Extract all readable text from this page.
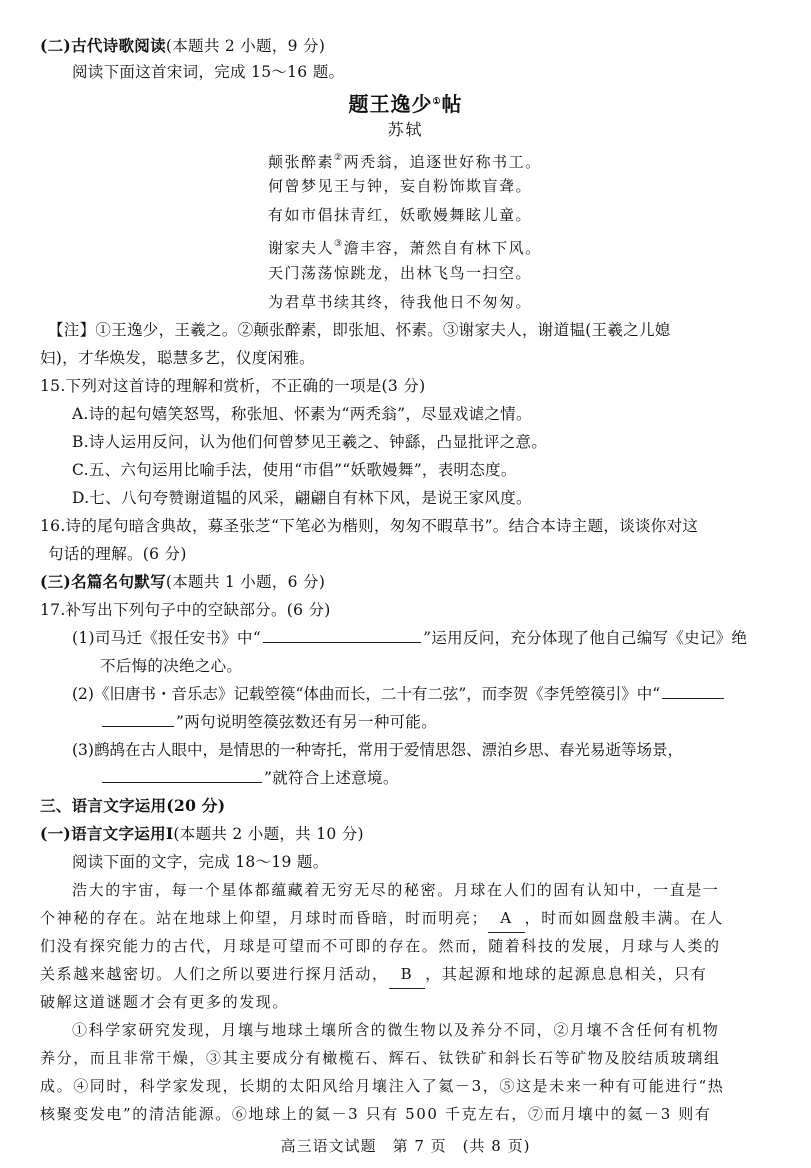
(二)古代诗歌阅读(本题共 2 小题，9 分)
阅读下面这首宋词，完成 15～16 题。
题王逸少①帖
苏轼
颠张醉素②两秃翁，追逐世好称书工。
何曾梦见王与钟，妄自粉饰欺盲聋。
有如市倡抹青红，妖歌嫚舞眩儿童。
谢家夫人③澹丰容，萧然自有林下风。
天门荡荡惊跳龙，出林飞鸟一扫空。
为君草书续其终，待我他日不匆匆。
【注】①王逸少，王羲之。②颠张醉素，即张旭、怀素。③谢家夫人，谢道韫(王羲之儿媳
妇)，才华焕发，聪慧多艺，仪度闲雅。
15.下列对这首诗的理解和赏析，不正确的一项是(3 分)
A.诗的起句嬉笑怒骂，称张旭、怀素为“两秃翁”，尽显戏谑之情。
B.诗人运用反问，认为他们何曾梦见王羲之、钟繇，凸显批评之意。
C.五、六句运用比喻手法，使用“市倡”“妖歌嫚舞”，表明态度。
D.七、八句夸赞谢道韫的风采，翩翩自有林下风，是说王家风度。
16.诗的尾句暗含典故，募圣张芝“下笔必为楷则，匆匆不暇草书”。结合本诗主题，谈谈你对这
句话的理解。(6 分)
(三)名篇名句默写(本题共 1 小题，6 分)
17.补写出下列句子中的空缺部分。(6 分)
(1)司马迁《报任安书》中“	”运用反问，充分体现了他自己编写《史记》绝
不后悔的决绝之心。
(2)《旧唐书・音乐志》记载箜篌“体曲而长，二十有二弦”，而李贺《李凭箜篌引》中“
”两句说明箜篌弦数还有另一种可能。
(3)鹧鸪在古人眼中，是情思的一种寄托，常用于爱情思怨、漂泊乡思、春光易逝等场景，
”就符合上述意境。
三、语言文字运用(20 分)
(一)语言文字运用Ⅰ(本题共 2 小题，共 10 分)
阅读下面的文字，完成 18～19 题。
浩大的宇宙，每一个星体都蕴藏着无穷无尽的秘密。月球在人们的固有认知中，一直是一
个神秘的存在。站在地球上仰望，月球时而昏暗，时而明亮； A ，时而如圆盘般丰满。在人
们没有探究能力的古代，月球是可望而不可即的存在。然而，随着科技的发展，月球与人类的
关系越来越密切。人们之所以要进行探月活动， B ，其起源和地球的起源息息相关，只有
破解这道谜题才会有更多的发现。
①科学家研究发现，月壤与地球土壤所含的微生物以及养分不同，②月壤不含任何有机物
养分，而且非常干燥，③其主要成分有橄榄石、辉石、钛铁矿和斜长石等矿物及胶结质玻璃组
成。④同时，科学家发现，长期的太阳风给月壤注入了氦－3，⑤这是未来一种有可能进行“热
核聚变发电”的清洁能源。⑥地球上的氦－3 只有 500 千克左右，⑦而月壤中的氦－3 则有
高三语文试题　第 7 页　(共 8 页)
